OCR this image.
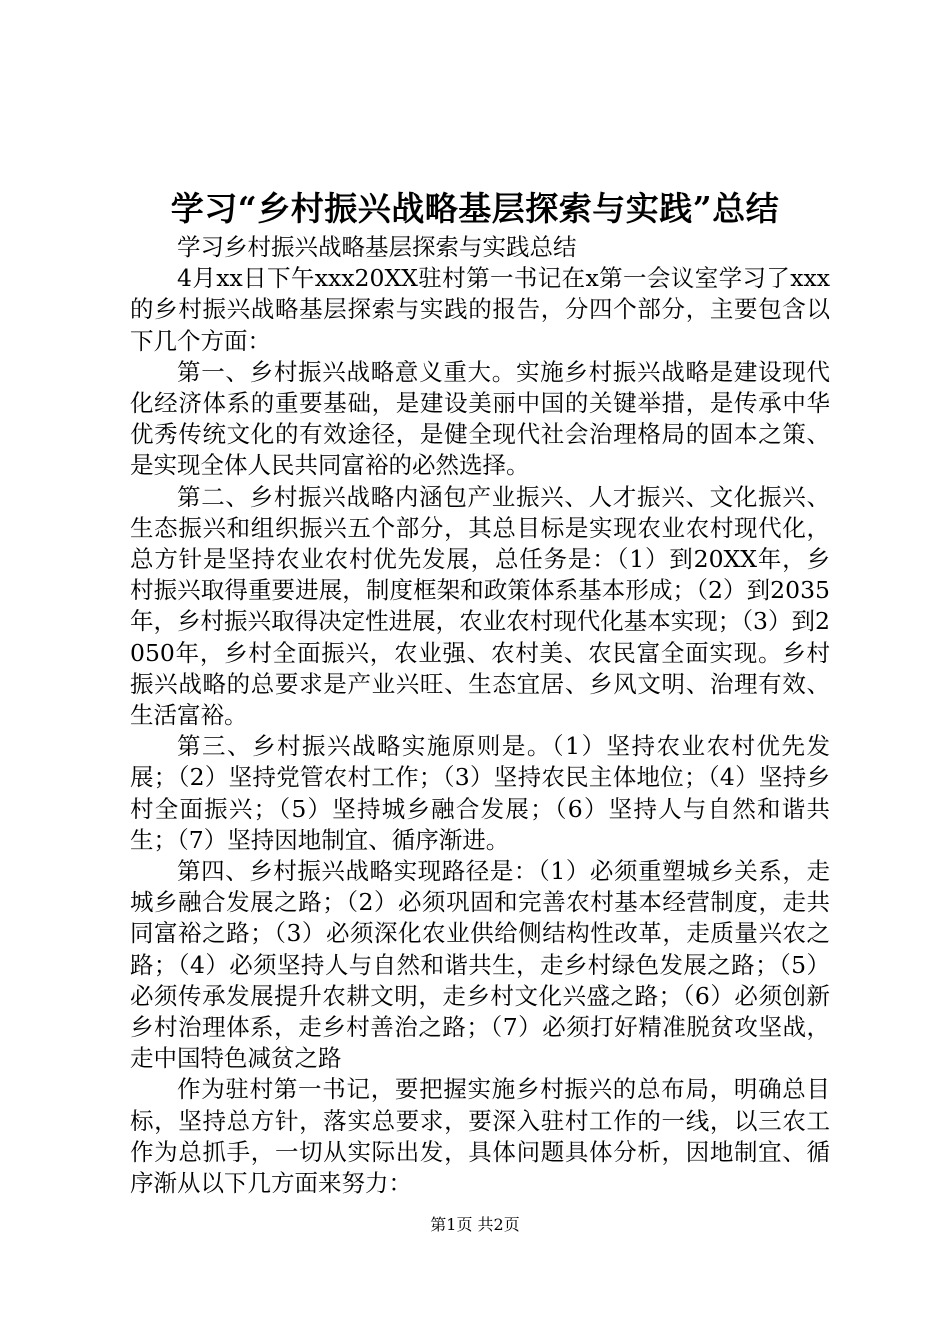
学习“乡村振兴战略基层探索与实践”总结

学习乡村振兴战略基层探索与实践总结

4月xx日下午xxx20XX驻村第一书记在x第一会议室学习了xxx的乡村振兴战略基层探索与实践的报告，分四个部分，主要包含以下几个方面：

第一、乡村振兴战略意义重大。实施乡村振兴战略是建设现代化经济体系的重要基础，是建设美丽中国的关键举措，是传承中华优秀传统文化的有效途径，是健全现代社会治理格局的固本之策、是实现全体人民共同富裕的必然选择。

第二、乡村振兴战略内涵包产业振兴、人才振兴、文化振兴、生态振兴和组织振兴五个部分，其总目标是实现农业农村现代化，总方针是坚持农业农村优先发展，总任务是：（1）到20XX年，乡村振兴取得重要进展，制度框架和政策体系基本形成；（2）到2035年，乡村振兴取得决定性进展，农业农村现代化基本实现；（3）到2050年，乡村全面振兴，农业强、农村美、农民富全面实现。乡村振兴战略的总要求是产业兴旺、生态宜居、乡风文明、治理有效、生活富裕。

第三、乡村振兴战略实施原则是。（1）坚持农业农村优先发展；（2）坚持党管农村工作；（3）坚持农民主体地位；（4）坚持乡村全面振兴；（5）坚持城乡融合发展；（6）坚持人与自然和谐共生；（7）坚持因地制宜、循序渐进。

第四、乡村振兴战略实现路径是：（1）必须重塑城乡关系，走城乡融合发展之路；（2）必须巩固和完善农村基本经营制度，走共同富裕之路；（3）必须深化农业供给侧结构性改革，走质量兴农之路；（4）必须坚持人与自然和谐共生，走乡村绿色发展之路；（5）必须传承发展提升农耕文明，走乡村文化兴盛之路；（6）必须创新乡村治理体系，走乡村善治之路；（7）必须打好精准脱贫攻坚战，走中国特色减贫之路

作为驻村第一书记，要把握实施乡村振兴的总布局，明确总目标，坚持总方针，落实总要求，要深入驻村工作的一线，以三农工作为总抓手，一切从实际出发，具体问题具体分析，因地制宜、循序渐从以下几方面来努力：

第1页 共2页
